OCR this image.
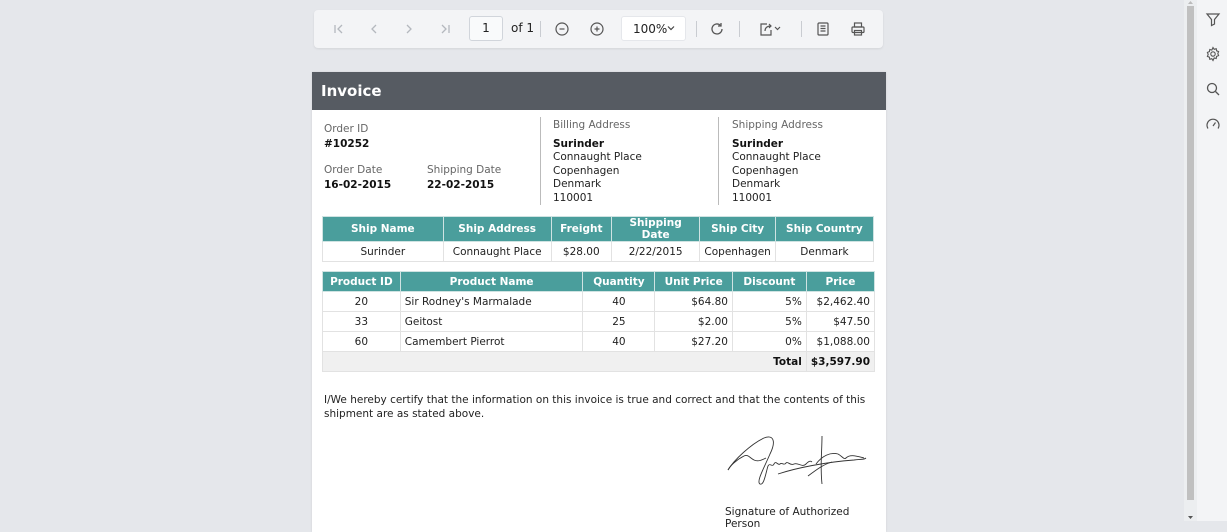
1	of 1	100%
Invoice
Order ID
#10252
Order Date
16-02-2015
Shipping Date
22-02-2015
Billing Address
Surinder
Connaught Place
Copenhagen
Denmark
110001
Shipping Address
Surinder
Connaught Place
Copenhagen
Denmark
110001
Ship Name	Ship Address	Freight	Shipping Date	Ship City	Ship Country
Surinder	Connaught Place	$28.00	2/22/2015	Copenhagen	Denmark
Product ID	Product Name	Quantity	Unit Price	Discount	Price
20	Sir Rodney's Marmalade	40	$64.80	5%	$2,462.40
33	Geitost	25	$2.00	5%	$47.50
60	Camembert Pierrot	40	$27.20	0%	$1,088.00
Total					$3,597.90
I/We hereby certify that the information on this invoice is true and correct and that the contents of this shipment are as stated above.
Signature of Authorized Person
